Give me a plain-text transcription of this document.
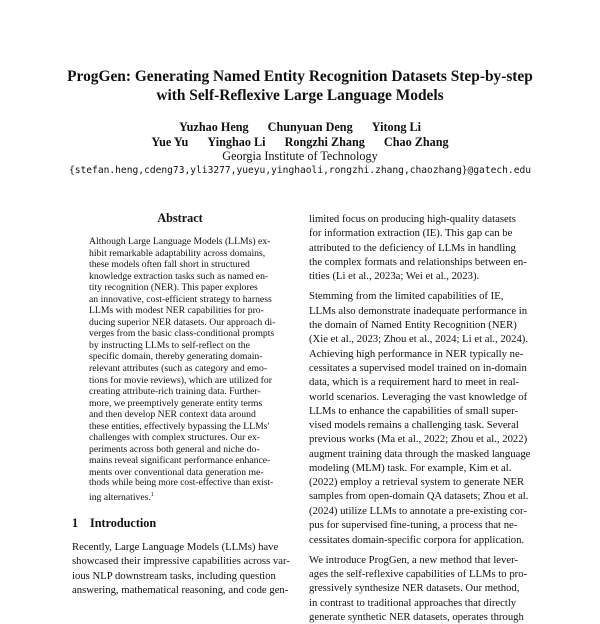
ProgGen: Generating Named Entity Recognition Datasets Step-by-step
with Self-Reflexive Large Language Models
Yuzhao Heng Chunyuan Deng Yitong Li
Yue Yu Yinghao Li Rongzhi Zhang Chao Zhang
Georgia Institute of Technology
{stefan.heng,cdeng73,yli3277,yueyu,yinghaoli,rongzhi.zhang,chaozhang}@gatech.edu
Abstract
Although Large Language Models (LLMs) ex-
hibit remarkable adaptability across domains,
these models often fall short in structured
knowledge extraction tasks such as named en-
tity recognition (NER). This paper explores
an innovative, cost-efficient strategy to harness
LLMs with modest NER capabilities for pro-
ducing superior NER datasets. Our approach di-
verges from the basic class-conditional prompts
by instructing LLMs to self-reflect on the
specific domain, thereby generating domain-
relevant attributes (such as category and emo-
tions for movie reviews), which are utilized for
creating attribute-rich training data. Further-
more, we preemptively generate entity terms
and then develop NER context data around
these entities, effectively bypassing the LLMs'
challenges with complex structures. Our ex-
periments across both general and niche do-
mains reveal significant performance enhance-
ments over conventional data generation me-
thods while being more cost-effective than exist-
ing alternatives.$^1$
1 Introduction
Recently, Large Language Models (LLMs) have
showcased their impressive capabilities across var-
ious NLP downstream tasks, including question
answering, mathematical reasoning, and code gen-
limited focus on producing high-quality datasets
for information extraction (IE). This gap can be
attributed to the deficiency of LLMs in handling
the complex formats and relationships between en-
tities (Li et al., 2023a; Wei et al., 2023).
Stemming from the limited capabilities of IE,
LLMs also demonstrate inadequate performance in
the domain of Named Entity Recognition (NER)
(Xie et al., 2023; Zhou et al., 2024; Li et al., 2024).
Achieving high performance in NER typically ne-
cessitates a supervised model trained on in-domain
data, which is a requirement hard to meet in real-
world scenarios. Leveraging the vast knowledge of
LLMs to enhance the capabilities of small super-
vised models remains a challenging task. Several
previous works (Ma et al., 2022; Zhou et al., 2022)
augment training data through the masked language
modeling (MLM) task. For example, Kim et al.
(2022) employ a retrieval system to generate NER
samples from open-domain QA datasets; Zhou et al.
(2024) utilize LLMs to annotate a pre-existing cor-
pus for supervised fine-tuning, a process that ne-
cessitates domain-specific corpora for application.
We introduce ProgGen, a new method that lever-
ages the self-reflexive capabilities of LLMs to pro-
gressively synthesize NER datasets. Our method,
in contrast to traditional approaches that directly
generate synthetic NER datasets, operates through
